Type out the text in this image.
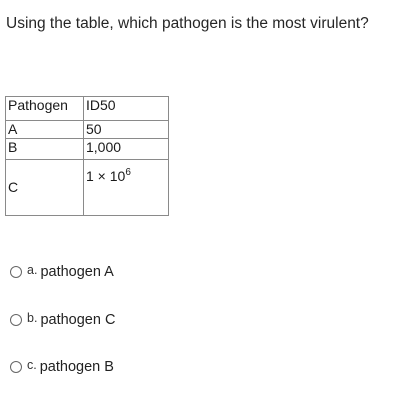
Using the table, which pathogen is the most virulent?
Pathogen	ID50
A	50
B	1,000
C	$1 \times 10^6$
a. pathogen A
b. pathogen C
c. pathogen B
